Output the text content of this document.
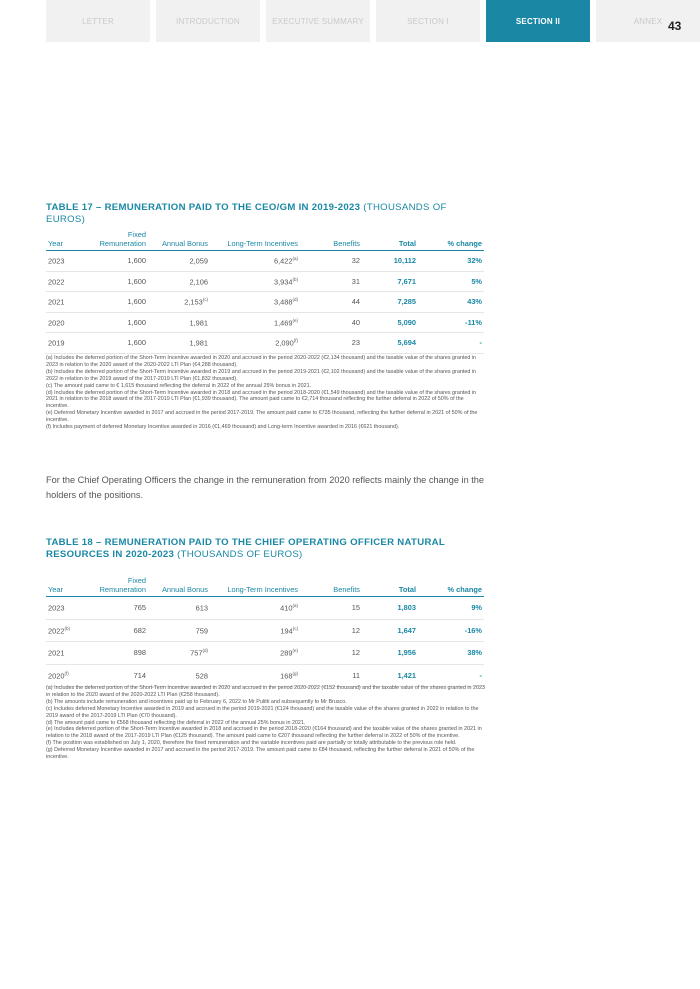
LETTER	INTRODUCTION	EXECUTIVE SUMMARY	SECTION I	SECTION II	ANNEX 43
TABLE 17 – REMUNERATION PAID TO THE CEO/GM IN 2019-2023 (THOUSANDS OF EUROS)
Year	Fixed Remuneration	Annual Bonus	Long-Term Incentives	Benefits	Total	% change
2023	1,600	2,059	6,422$^{(a)}$	32	10,112	32%
2022	1,600	2,106	3,934$^{(b)}$	31	7,671	5%
2021	1,600	2,153$^{(c)}$	3,488$^{(d)}$	44	7,285	43%
2020	1,600	1,981	1,469$^{(e)}$	40	5,090	-11%
2019	1,600	1,981	2,090$^{(f)}$	23	5,694	-

(a) Includes the deferred portion of the Short-Term Incentive awarded in 2020 and accrued in the period 2020-2022 (€2,134 thousand) and the taxable value of the shares granted in 2023 in relation to the 2020 award of the 2020-2022 LTI Plan (€4,288 thousand).

(b) Includes the deferred portion of the Short-Term Incentive awarded in 2019 and accrued in the period 2019-2021 (€2,102 thousand) and the taxable value of the shares granted in 2022 in relation to the 2019 award of the 2017-2019 LTI Plan (€1,832 thousand).

(c) The amount paid came to € 1,615 thousand reflecting the deferral in 2022 of the annual 25% bonus in 2021.

(d) Includes the deferred portion of the Short-Term Incentive awarded in 2018 and accrued in the period 2018-2020 (€1,549 thousand) and the taxable value of the shares granted in 2021 in relation to the 2018 award of the 2017-2019 LTI Plan (€1,939 thousand). The amount paid came to €2,714 thousand reflecting the further deferral in 2022 of 50% of the incentive.

(e) Deferred Monetary Incentive awarded in 2017 and accrued in the period 2017-2019. The amount paid came to €735 thousand, reflecting the further deferral in 2021 of 50% of the incentive.

(f) Includes payment of deferred Monetary Incentive awarded in 2016 (€1,469 thousand) and Long-term Incentive awarded in 2016 (€621 thousand).

For the Chief Operating Officers the change in the remuneration from 2020 reflects mainly the change in the holders of the positions.

TABLE 18 – REMUNERATION PAID TO THE CHIEF OPERATING OFFICER NATURAL RESOURCES IN 2020-2023 (THOUSANDS OF EUROS)
Year	Fixed Remuneration	Annual Bonus	Long-Term Incentives	Benefits	Total	% change
2023	765	613	410$^{(a)}$	15	1,803	9%
2022$^{(b)}$	682	759	194$^{(c)}$	12	1,647	-16%
2021	898	757$^{(d)}$	289$^{(e)}$	12	1,956	38%
2020$^{(f)}$	714	528	168$^{(g)}$	11	1,421	-

(a) Includes the deferred portion of the Short-Term Incentive awarded in 2020 and accrued in the period 2020-2022 (€152 thousand) and the taxable value of the shares granted in 2023 in relation to the 2020 award of the 2020-2022 LTI Plan (€258 thousand).

(b) The amounts include remuneration and incentives paid up to February 6, 2022 to Mr Pulitti and subsequently to Mr Brusco.

(c) Includes deferred Monetary Incentive awarded in 2019 and accrued in the period 2019-2021 (€124 thousand) and the taxable value of the shares granted in 2022 in relation to the 2019 award of the 2017-2019 LTI Plan (€70 thousand).

(d) The amount paid came to €568 thousand reflecting the deferral in 2022 of the annual 25% bonus in 2021.

(e) Includes deferred portion of the Short-Term Incentive awarded in 2018 and accrued in the period 2018-2020 (€164 thousand) and the taxable value of the shares granted in 2021 in relation to the 2018 award of the 2017-2019 LTI Plan (€125 thousand). The amount paid came to €207 thousand reflecting the further deferral in 2022 of 50% of the incentive.

(f) The position was established on July 1, 2020, therefore the fixed remuneration and the variable incentives paid are partially or totally attributable to the previous role held.

(g) Deferred Monetary Incentive awarded in 2017 and accrued in the period 2017-2019. The amount paid came to €84 thousand, reflecting the further deferral in 2021 of 50% of the incentive.
